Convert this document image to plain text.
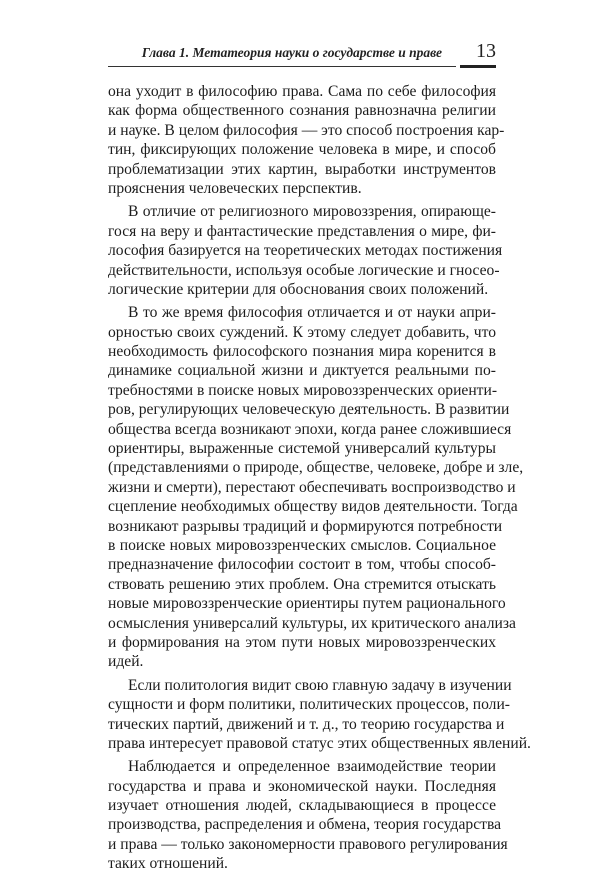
Глава 1. Метатеория науки о государстве и праве 13

она уходит в философию права. Сама по себе философия
как форма общественного сознания равнозначна религии
и науке. В целом философия — это способ построения кар-
тин, фиксирующих положение человека в мире, и способ
проблематизации этих картин, выработки инструментов
прояснения человеческих перспектив.

В отличие от религиозного мировоззрения, опирающе-
гося на веру и фантастические представления о мире, фи-
лософия базируется на теоретических методах постижения
действительности, используя особые логические и гносео-
логические критерии для обоснования своих положений.

В то же время философия отличается и от науки апри-
орностью своих суждений. К этому следует добавить, что
необходимость философского познания мира коренится в
динамике социальной жизни и диктуется реальными по-
требностями в поиске новых мировоззренческих ориенти-
ров, регулирующих человеческую деятельность. В развитии
общества всегда возникают эпохи, когда ранее сложившиеся
ориентиры, выраженные системой универсалий культуры
(представлениями о природе, обществе, человеке, добре и зле,
жизни и смерти), перестают обеспечивать воспроизводство и
сцепление необходимых обществу видов деятельности. Тогда
возникают разрывы традиций и формируются потребности
в поиске новых мировоззренческих смыслов. Социальное
предназначение философии состоит в том, чтобы способ-
ствовать решению этих проблем. Она стремится отыскать
новые мировоззренческие ориентиры путем рационального
осмысления универсалий культуры, их критического анализа
и формирования на этом пути новых мировоззренческих
идей.

Если политология видит свою главную задачу в изучении
сущности и форм политики, политических процессов, поли-
тических партий, движений и т. д., то теорию государства и
права интересует правовой статус этих общественных явлений.

Наблюдается и определенное взаимодействие теории
государства и права и экономической науки. Последняя
изучает отношения людей, складывающиеся в процессе
производства, распределения и обмена, теория государства
и права — только закономерности правового регулирования
таких отношений.
